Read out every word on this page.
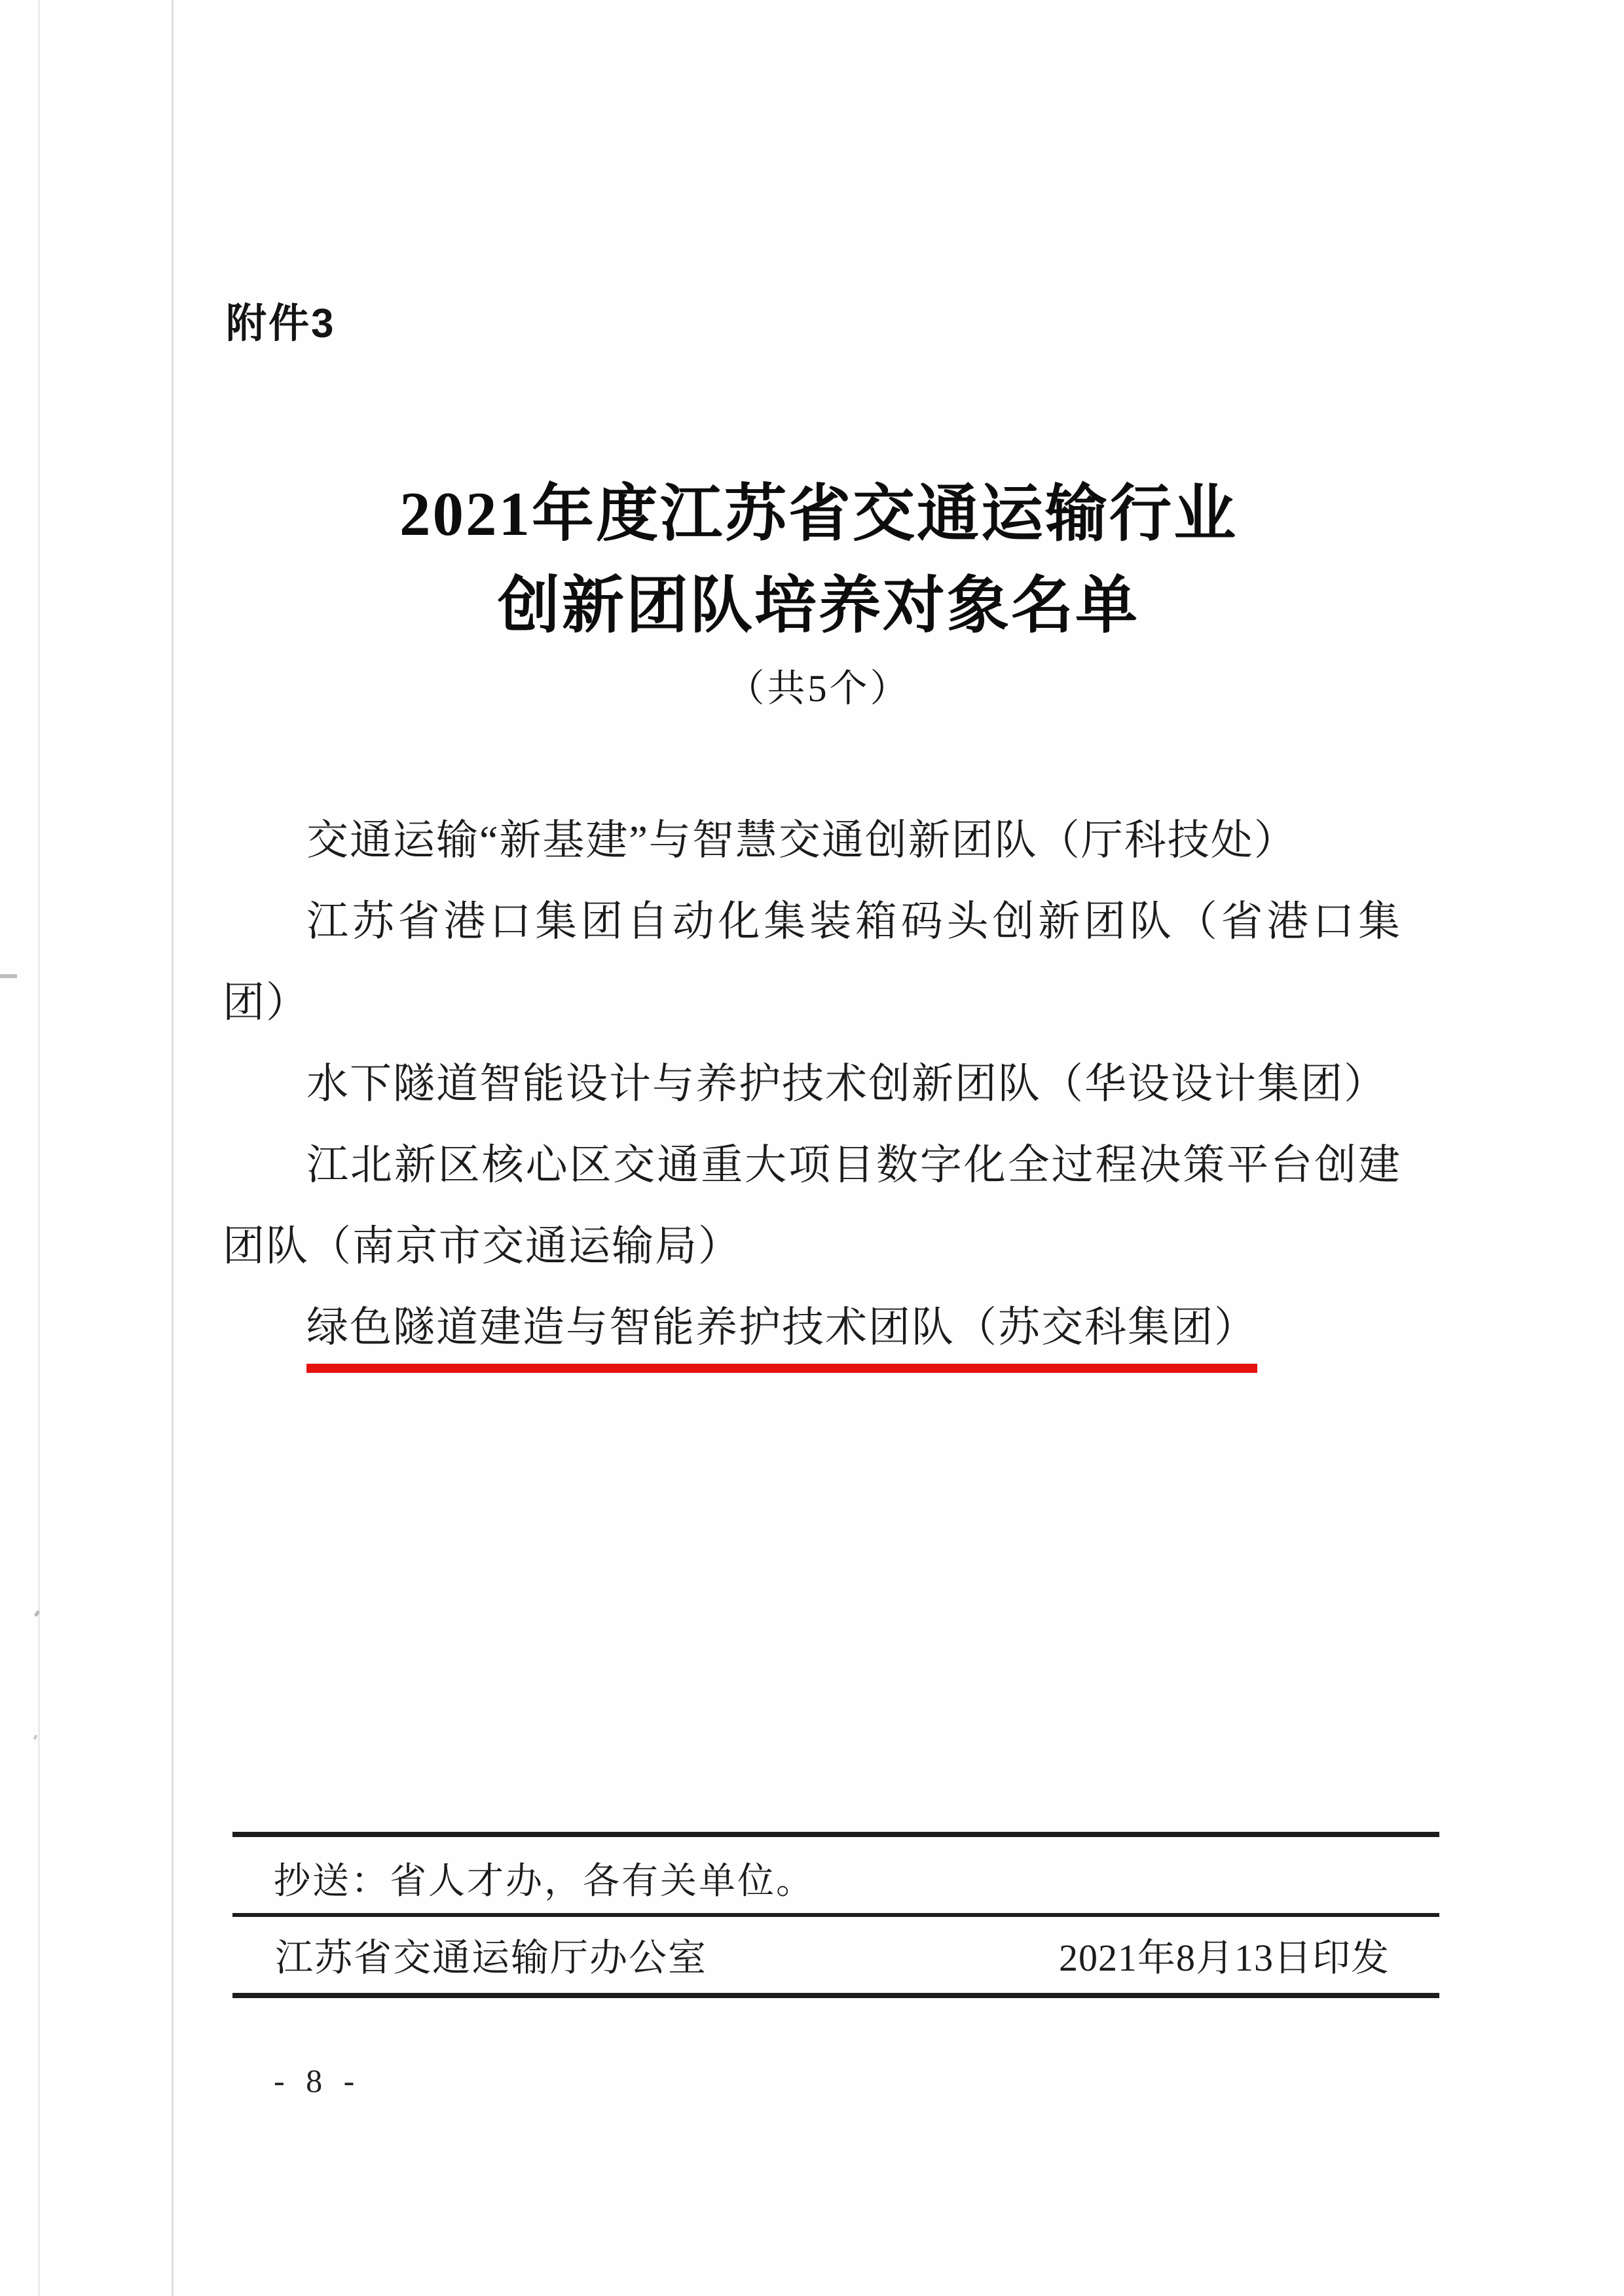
附件3
2021年度江苏省交通运输行业
创新团队培养对象名单
（共5个）

交通运输“新基建”与智慧交通创新团队（厅科技处）

江苏省港口集团自动化集装箱码头创新团队（省港口集团）

水下隧道智能设计与养护技术创新团队（华设设计集团）

江北新区核心区交通重大项目数字化全过程决策平台创建团队（南京市交通运输局）

绿色隧道建造与智能养护技术团队（苏交科集团）

抄送：省人才办，各有关单位。
江苏省交通运输厅办公室	2021年8月13日印发
- 8 -
